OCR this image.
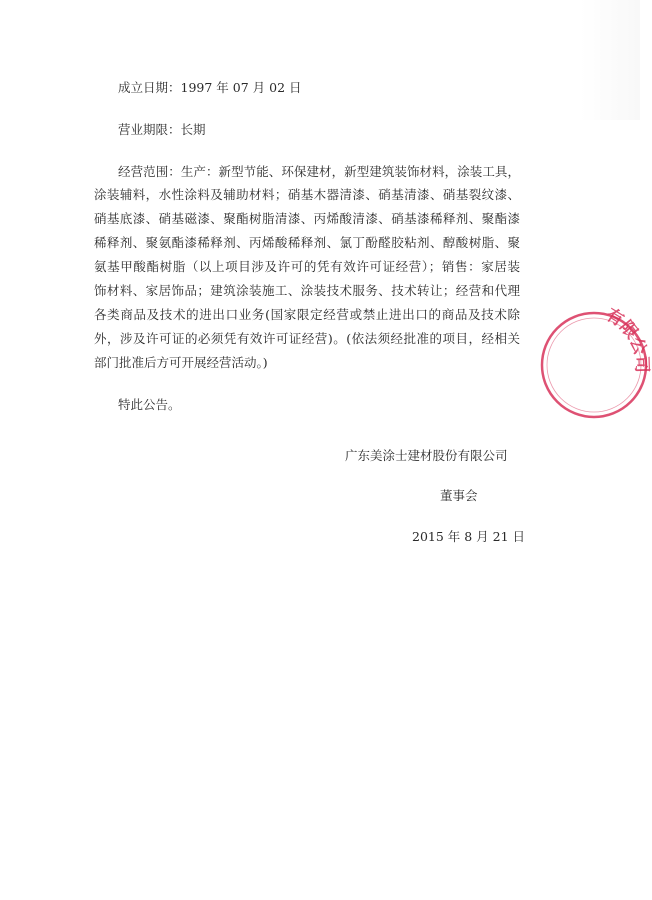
成立日期：1997 年 07 月 02 日
营业期限：长期
经营范围：生产：新型节能、环保建材，新型建筑装饰材料，涂装工具，
涂装辅料，水性涂料及辅助材料；硝基木器清漆、硝基清漆、硝基裂纹漆、
硝基底漆、硝基磁漆、聚酯树脂清漆、丙烯酸清漆、硝基漆稀释剂、聚酯漆
稀释剂、聚氨酯漆稀释剂、丙烯酸稀释剂、氯丁酚醛胶粘剂、醇酸树脂、聚
氨基甲酸酯树脂（以上项目涉及许可的凭有效许可证经营）；销售：家居装
饰材料、家居饰品；建筑涂装施工、涂装技术服务、技术转让；经营和代理
各类商品及技术的进出口业务(国家限定经营或禁止进出口的商品及技术除
外，涉及许可证的必须凭有效许可证经营)。(依法须经批准的项目，经相关
部门批准后方可开展经营活动。)
特此公告。
广东美涂士建材股份有限公司
董事会
2015 年 8 月 21 日
有限公司
